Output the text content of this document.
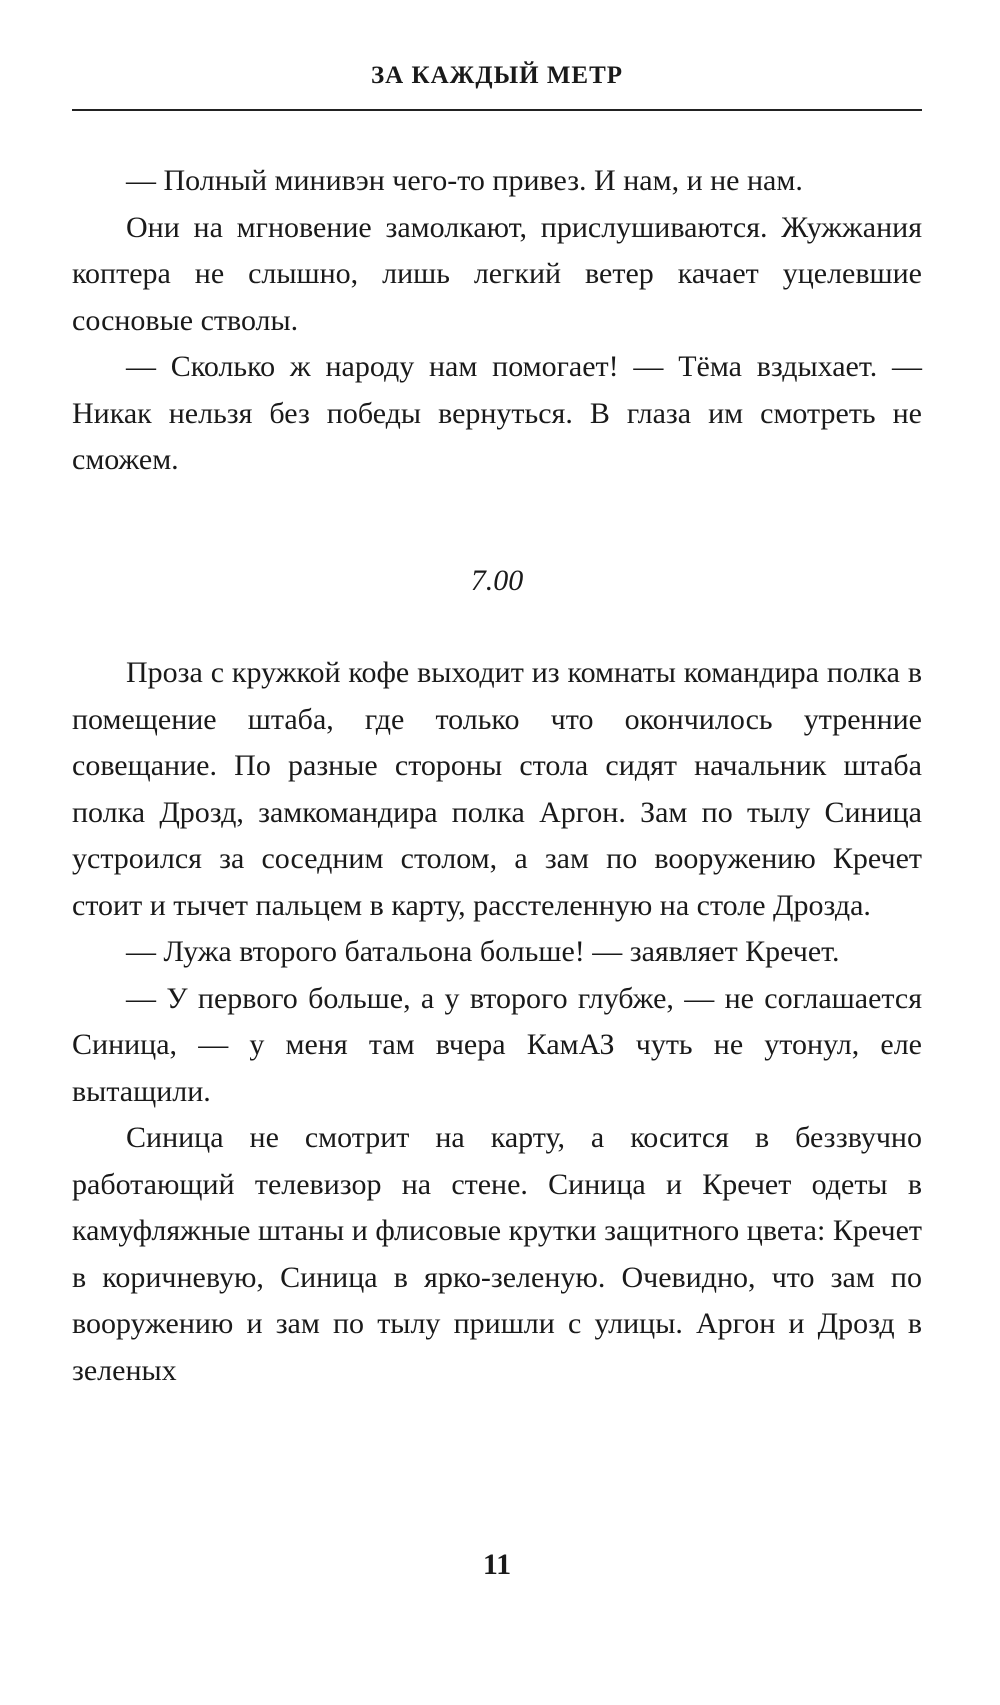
ЗА КАЖДЫЙ МЕТР

— Полный минивэн чего-то привез. И нам, и не нам.

Они на мгновение замолкают, прислушиваются. Жужжания коптера не слышно, лишь легкий ветер качает уцелевшие сосновые стволы.

— Сколько ж народу нам помогает! — Тёма вздыхает. — Никак нельзя без победы вернуться. В глаза им смотреть не сможем.

7.00

Проза с кружкой кофе выходит из комнаты командира полка в помещение штаба, где только что окончилось утренние совещание. По разные стороны стола сидят начальник штаба полка Дрозд, замкомандира полка Аргон. Зам по тылу Синица устроился за соседним столом, а зам по вооружению Кречет стоит и тычет пальцем в карту, расстеленную на столе Дрозда.

— Лужа второго батальона больше! — заявляет Кречет.

— У первого больше, а у второго глубже, — не соглашается Синица, — у меня там вчера КамАЗ чуть не утонул, еле вытащили.

Синица не смотрит на карту, а косится в беззвучно работающий телевизор на стене. Синица и Кречет одеты в камуфляжные штаны и флисовые крутки защитного цвета: Кречет в коричневую, Синица в ярко-зеленую. Очевидно, что зам по вооружению и зам по тылу пришли с улицы. Аргон и Дрозд в зеленых

11
